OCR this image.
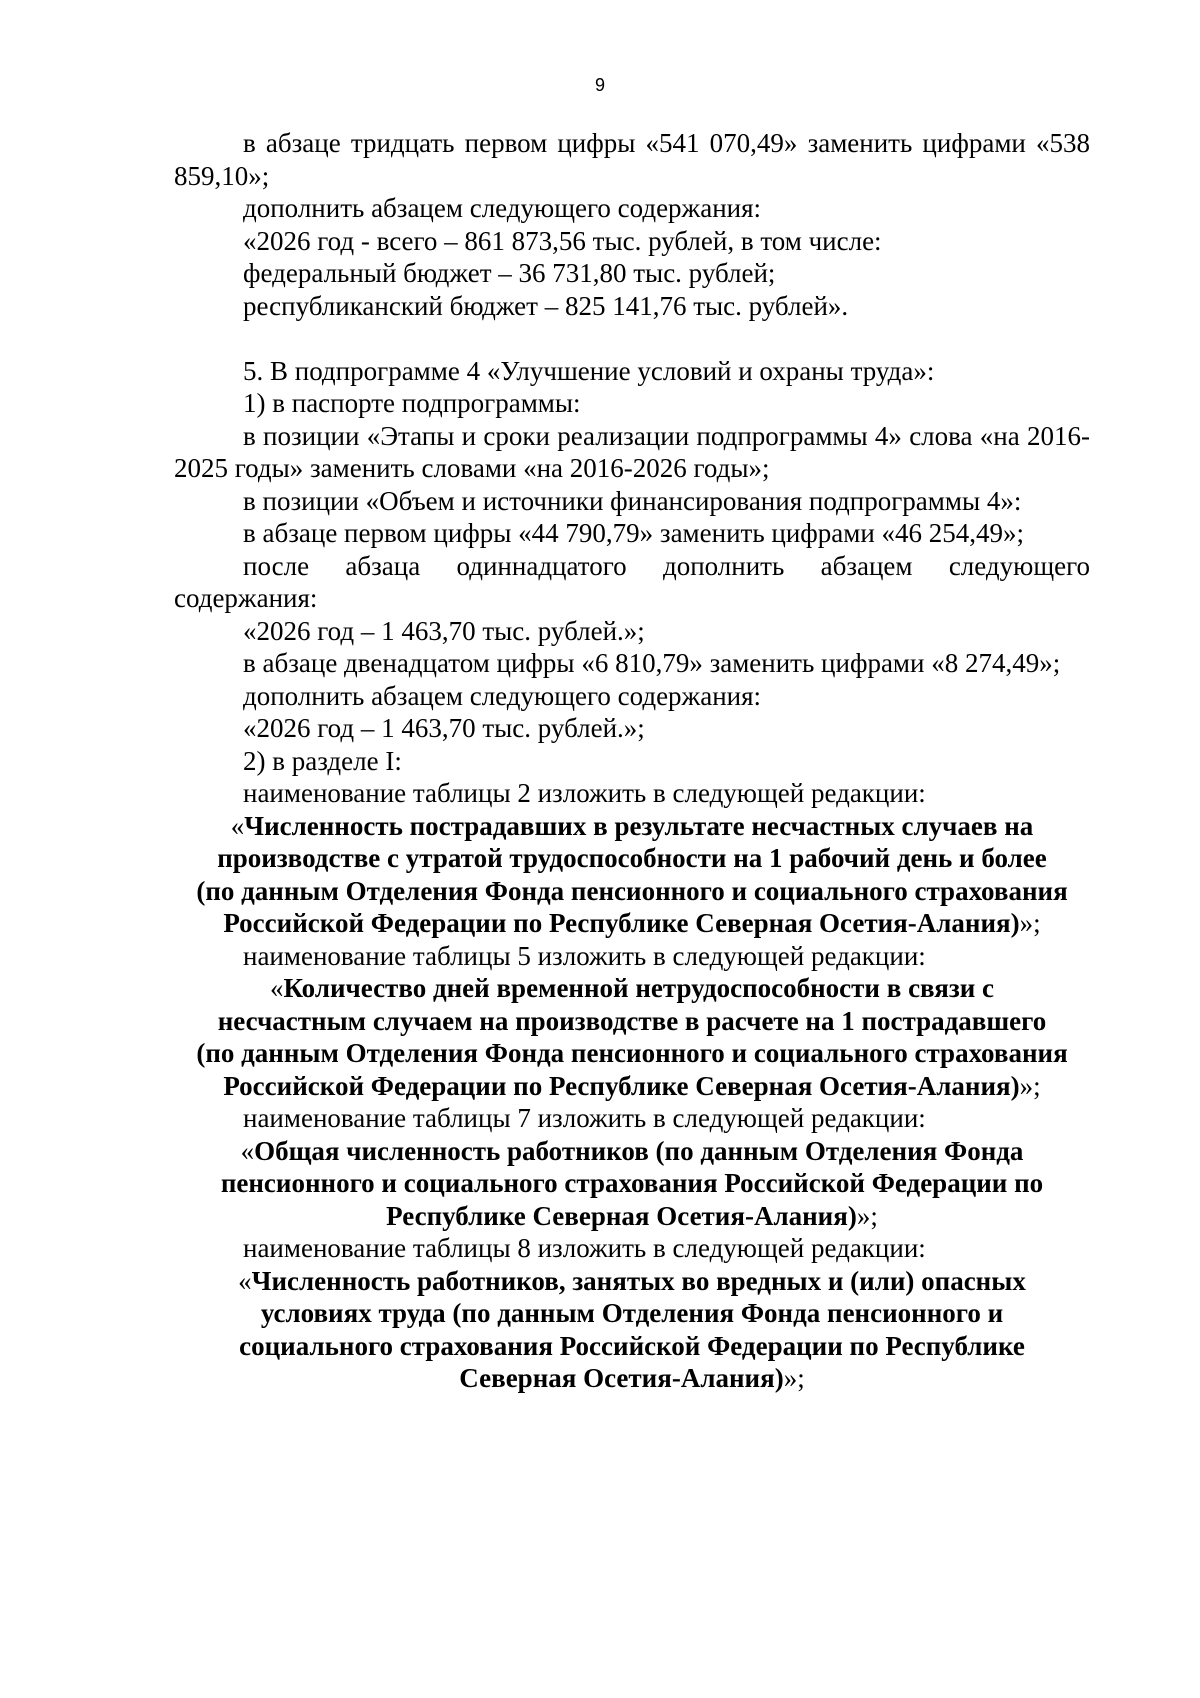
9

в абзаце тридцать первом цифры «541 070,49» заменить цифрами «538 859,10»;

дополнить абзацем следующего содержания:

«2026 год - всего – 861 873,56 тыс. рублей, в том числе:

федеральный бюджет – 36 731,80 тыс. рублей;

республиканский бюджет – 825 141,76 тыс. рублей».

5. В подпрограмме 4 «Улучшение условий и охраны труда»:

1) в паспорте подпрограммы:

в позиции «Этапы и сроки реализации подпрограммы 4» слова «на 2016-2025 годы» заменить словами «на 2016-2026 годы»;

в позиции «Объем и источники финансирования подпрограммы 4»:

в абзаце первом цифры «44 790,79» заменить цифрами «46 254,49»;

после абзаца одиннадцатого дополнить абзацем следующего содержания:

«2026 год – 1 463,70 тыс. рублей.»;

в абзаце двенадцатом цифры «6 810,79» заменить цифрами «8 274,49»;

дополнить абзацем следующего содержания:

«2026 год – 1 463,70 тыс. рублей.»;

2) в разделе I:

наименование таблицы 2 изложить в следующей редакции:

«Численность пострадавших в результате несчастных случаев на
производстве с утратой трудоспособности на 1 рабочий день и более
(по данным Отделения Фонда пенсионного и социального страхования
Российской Федерации по Республике Северная Осетия-Алания)»;

наименование таблицы 5 изложить в следующей редакции:

«Количество дней временной нетрудоспособности в связи с
несчастным случаем на производстве в расчете на 1 пострадавшего
(по данным Отделения Фонда пенсионного и социального страхования
Российской Федерации по Республике Северная Осетия-Алания)»;

наименование таблицы 7 изложить в следующей редакции:

«Общая численность работников (по данным Отделения Фонда
пенсионного и социального страхования Российской Федерации по
Республике Северная Осетия-Алания)»;

наименование таблицы 8 изложить в следующей редакции:

«Численность работников, занятых во вредных и (или) опасных
условиях труда (по данным Отделения Фонда пенсионного и
социального страхования Российской Федерации по Республике
Северная Осетия-Алания)»;
